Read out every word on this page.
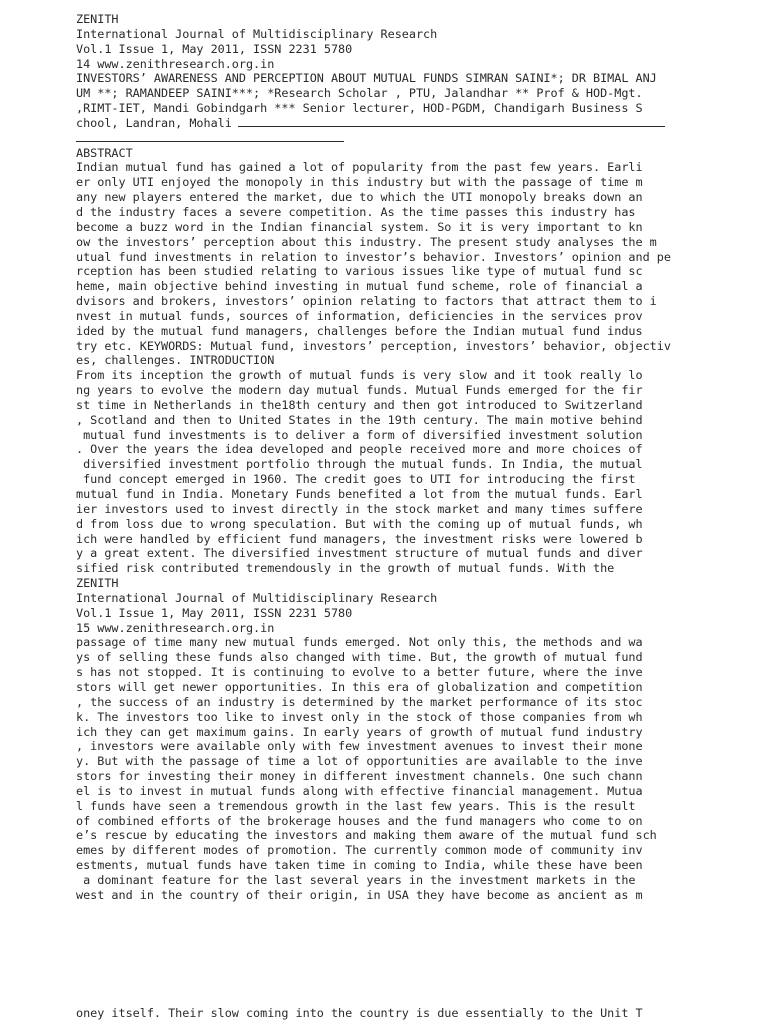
ZENITH
International Journal of Multidisciplinary Research
Vol.1 Issue 1, May 2011, ISSN 2231 5780
14 www.zenithresearch.org.in
INVESTORS’ AWARENESS AND PERCEPTION ABOUT MUTUAL FUNDS SIMRAN SAINI*; DR BIMAL ANJ
UM **; RAMANDEEP SAINI***; *Research Scholar , PTU, Jalandhar ** Prof & HOD-Mgt.
,RIMT-IET, Mandi Gobindgarh *** Senior lecturer, HOD-PGDM, Chandigarh Business S
chool, Landran, Mohali
ABSTRACT
Indian mutual fund has gained a lot of popularity from the past few years. Earli
er only UTI enjoyed the monopoly in this industry but with the passage of time m
any new players entered the market, due to which the UTI monopoly breaks down an
d the industry faces a severe competition. As the time passes this industry has
become a buzz word in the Indian financial system. So it is very important to kn
ow the investors’ perception about this industry. The present study analyses the m
utual fund investments in relation to investor’s behavior. Investors’ opinion and pe
rception has been studied relating to various issues like type of mutual fund sc
heme, main objective behind investing in mutual fund scheme, role of financial a
dvisors and brokers, investors’ opinion relating to factors that attract them to i
nvest in mutual funds, sources of information, deficiencies in the services prov
ided by the mutual fund managers, challenges before the Indian mutual fund indus
try etc. KEYWORDS: Mutual fund, investors’ perception, investors’ behavior, objectiv
es, challenges. INTRODUCTION
From its inception the growth of mutual funds is very slow and it took really lo
ng years to evolve the modern day mutual funds. Mutual Funds emerged for the fir
st time in Netherlands in the18th century and then got introduced to Switzerland
, Scotland and then to United States in the 19th century. The main motive behind
mutual fund investments is to deliver a form of diversified investment solution
. Over the years the idea developed and people received more and more choices of
diversified investment portfolio through the mutual funds. In India, the mutual
fund concept emerged in 1960. The credit goes to UTI for introducing the first
mutual fund in India. Monetary Funds benefited a lot from the mutual funds. Earl
ier investors used to invest directly in the stock market and many times suffere
d from loss due to wrong speculation. But with the coming up of mutual funds, wh
ich were handled by efficient fund managers, the investment risks were lowered b
y a great extent. The diversified investment structure of mutual funds and diver
sified risk contributed tremendously in the growth of mutual funds. With the
ZENITH
International Journal of Multidisciplinary Research
Vol.1 Issue 1, May 2011, ISSN 2231 5780
15 www.zenithresearch.org.in
passage of time many new mutual funds emerged. Not only this, the methods and wa
ys of selling these funds also changed with time. But, the growth of mutual fund
s has not stopped. It is continuing to evolve to a better future, where the inve
stors will get newer opportunities. In this era of globalization and competition
, the success of an industry is determined by the market performance of its stoc
k. The investors too like to invest only in the stock of those companies from wh
ich they can get maximum gains. In early years of growth of mutual fund industry
, investors were available only with few investment avenues to invest their mone
y. But with the passage of time a lot of opportunities are available to the inve
stors for investing their money in different investment channels. One such chann
el is to invest in mutual funds along with effective financial management. Mutua
l funds have seen a tremendous growth in the last few years. This is the result
of combined efforts of the brokerage houses and the fund managers who come to on
e’s rescue by educating the investors and making them aware of the mutual fund sch
emes by different modes of promotion. The currently common mode of community inv
estments, mutual funds have taken time in coming to India, while these have been
a dominant feature for the last several years in the investment markets in the
west and in the country of their origin, in USA they have become as ancient as m
oney itself. Their slow coming into the country is due essentially to the Unit T
